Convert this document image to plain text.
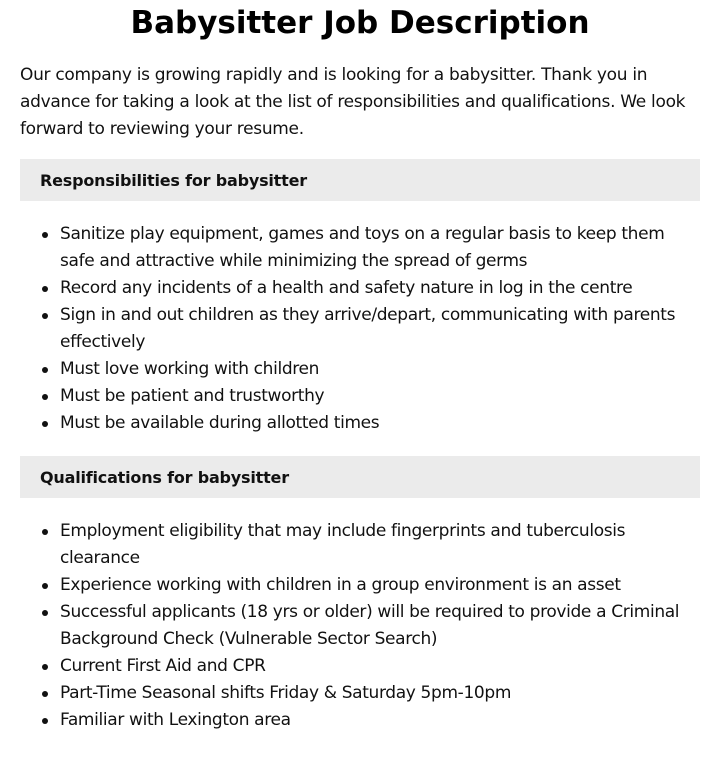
Babysitter Job Description

Our company is growing rapidly and is looking for a babysitter. Thank you in advance for taking a look at the list of responsibilities and qualifications. We look forward to reviewing your resume.

Responsibilities for babysitter
Sanitize play equipment, games and toys on a regular basis to keep them safe and attractive while minimizing the spread of germs
Record any incidents of a health and safety nature in log in the centre
Sign in and out children as they arrive/depart, communicating with parents effectively
Must love working with children
Must be patient and trustworthy
Must be available during allotted times
Qualifications for babysitter
Employment eligibility that may include fingerprints and tuberculosis clearance
Experience working with children in a group environment is an asset
Successful applicants (18 yrs or older) will be required to provide a Criminal Background Check (Vulnerable Sector Search)
Current First Aid and CPR
Part-Time Seasonal shifts Friday & Saturday 5pm-10pm
Familiar with Lexington area
